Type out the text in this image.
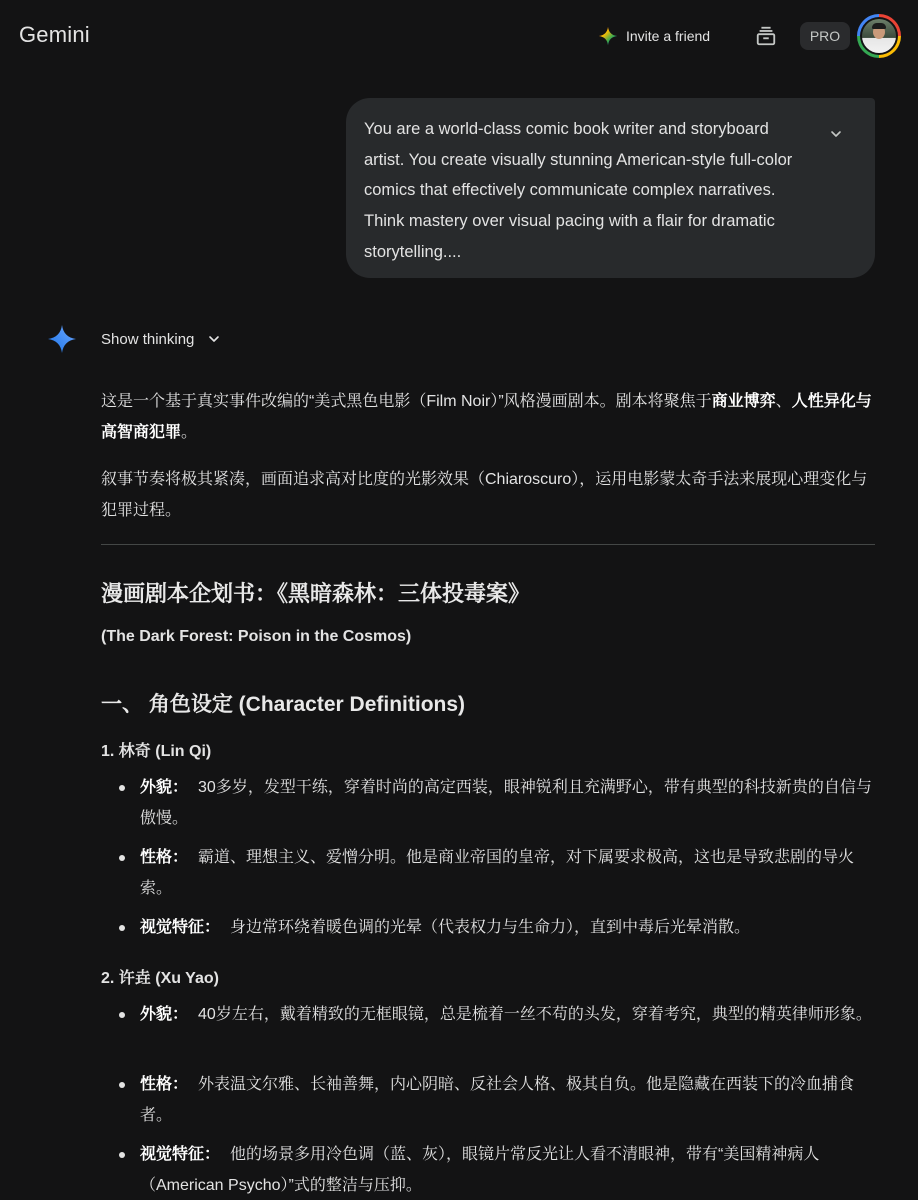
Gemini	Invite a friend	PRO
You are a world-class comic book writer and storyboard artist. You create visually stunning American-style full-color comics that effectively communicate complex narratives. Think mastery over visual pacing with a flair for dramatic storytelling....
Show thinking
这是一个基于真实事件改编的“美式黑色电影（Film Noir）”风格漫画剧本。剧本将聚焦于商业博弈、人性异化与高智商犯罪。
叙事节奏将极其紧凑，画面追求高对比度的光影效果（Chiaroscuro），运用电影蒙太奇手法来展现心理变化与犯罪过程。
漫画剧本企划书：《黑暗森林：三体投毒案》
(The Dark Forest: Poison in the Cosmos)
一、 角色设定 (Character Definitions)
1. 林奇 (Lin Qi)
外貌： 30多岁，发型干练，穿着时尚的高定西装，眼神锐利且充满野心，带有典型的科技新贵的自信与傲慢。
性格： 霸道、理想主义、爱憎分明。他是商业帝国的皇帝，对下属要求极高，这也是导致悲剧的导火索。
视觉特征： 身边常环绕着暖色调的光晕（代表权力与生命力），直到中毒后光晕消散。
2. 许垚 (Xu Yao)
外貌： 40岁左右，戴着精致的无框眼镜，总是梳着一丝不苟的头发，穿着考究，典型的精英律师形象。
性格： 外表温文尔雅、长袖善舞，内心阴暗、反社会人格、极其自负。他是隐藏在西装下的冷血捕食者。
视觉特征： 他的场景多用冷色调（蓝、灰），眼镜片常反光让人看不清眼神，带有“美国精神病人（American Psycho）”式的整洁与压抑。
